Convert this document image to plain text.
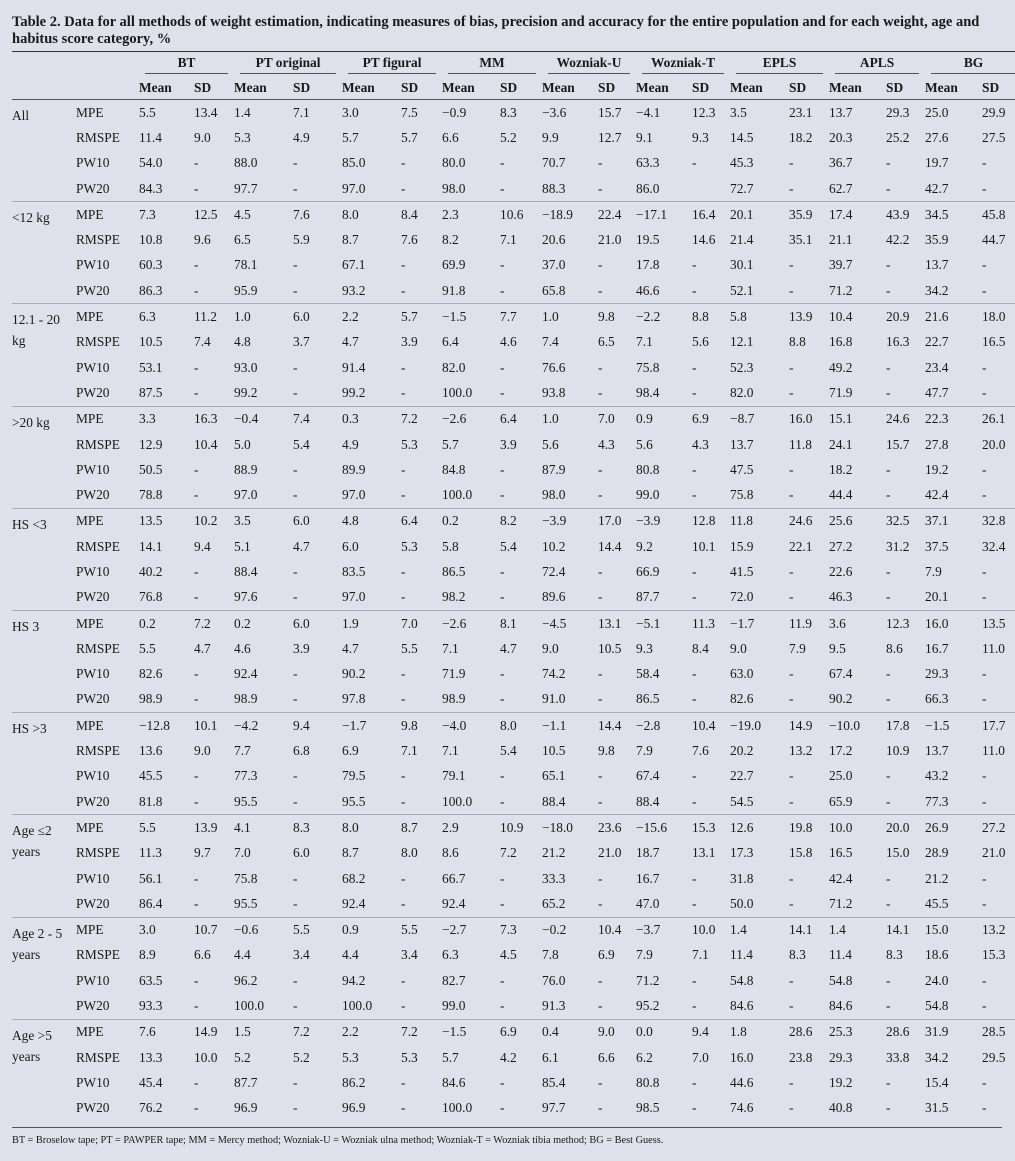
Table 2. Data for all methods of weight estimation, indicating measures of bias, precision and accuracy for the entire population and for each weight, age and habitus score category, %

		BT		PT original		PT figural		MM		Wozniak-U		Wozniak-T		EPLS		APLS		BG	

		Mean	SD	Mean	SD	Mean	SD	Mean	SD	Mean	SD	Mean	SD	Mean	SD	Mean	SD	Mean	SD
All	MPE	5.5	13.4	1.4	7.1	3.0	7.5	−0.9	8.3	−3.6	15.7	−4.1	12.3	3.5	23.1	13.7	29.3	25.0	29.9
	RMSPE	11.4	9.0	5.3	4.9	5.7	5.7	6.6	5.2	9.9	12.7	9.1	9.3	14.5	18.2	20.3	25.2	27.6	27.5
	PW10	54.0	-	88.0	-	85.0	-	80.0	-	70.7	-	63.3	-	45.3	-	36.7	-	19.7	-
	PW20	84.3	-	97.7	-	97.0	-	98.0	-	88.3	-	86.0		72.7	-	62.7	-	42.7	-
<12 kg	MPE	7.3	12.5	4.5	7.6	8.0	8.4	2.3	10.6	−18.9	22.4	−17.1	16.4	20.1	35.9	17.4	43.9	34.5	45.8
	RMSPE	10.8	9.6	6.5	5.9	8.7	7.6	8.2	7.1	20.6	21.0	19.5	14.6	21.4	35.1	21.1	42.2	35.9	44.7
	PW10	60.3	-	78.1	-	67.1	-	69.9	-	37.0	-	17.8	-	30.1	-	39.7	-	13.7	-
	PW20	86.3	-	95.9	-	93.2	-	91.8	-	65.8	-	46.6	-	52.1	-	71.2	-	34.2	-
12.1 - 20 kg	MPE	6.3	11.2	1.0	6.0	2.2	5.7	−1.5	7.7	1.0	9.8	−2.2	8.8	5.8	13.9	10.4	20.9	21.6	18.0
	RMSPE	10.5	7.4	4.8	3.7	4.7	3.9	6.4	4.6	7.4	6.5	7.1	5.6	12.1	8.8	16.8	16.3	22.7	16.5
	PW10	53.1	-	93.0	-	91.4	-	82.0	-	76.6	-	75.8	-	52.3	-	49.2	-	23.4	-
	PW20	87.5	-	99.2	-	99.2	-	100.0	-	93.8	-	98.4	-	82.0	-	71.9	-	47.7	-
>20 kg	MPE	3.3	16.3	−0.4	7.4	0.3	7.2	−2.6	6.4	1.0	7.0	0.9	6.9	−8.7	16.0	15.1	24.6	22.3	26.1
	RMSPE	12.9	10.4	5.0	5.4	4.9	5.3	5.7	3.9	5.6	4.3	5.6	4.3	13.7	11.8	24.1	15.7	27.8	20.0
	PW10	50.5	-	88.9	-	89.9	-	84.8	-	87.9	-	80.8	-	47.5	-	18.2	-	19.2	-
	PW20	78.8	-	97.0	-	97.0	-	100.0	-	98.0	-	99.0	-	75.8	-	44.4	-	42.4	-
HS <3	MPE	13.5	10.2	3.5	6.0	4.8	6.4	0.2	8.2	−3.9	17.0	−3.9	12.8	11.8	24.6	25.6	32.5	37.1	32.8
	RMSPE	14.1	9.4	5.1	4.7	6.0	5.3	5.8	5.4	10.2	14.4	9.2	10.1	15.9	22.1	27.2	31.2	37.5	32.4
	PW10	40.2	-	88.4	-	83.5	-	86.5	-	72.4	-	66.9	-	41.5	-	22.6	-	7.9	-
	PW20	76.8	-	97.6	-	97.0	-	98.2	-	89.6	-	87.7	-	72.0	-	46.3	-	20.1	-
HS 3	MPE	0.2	7.2	0.2	6.0	1.9	7.0	−2.6	8.1	−4.5	13.1	−5.1	11.3	−1.7	11.9	3.6	12.3	16.0	13.5
	RMSPE	5.5	4.7	4.6	3.9	4.7	5.5	7.1	4.7	9.0	10.5	9.3	8.4	9.0	7.9	9.5	8.6	16.7	11.0
	PW10	82.6	-	92.4	-	90.2	-	71.9	-	74.2	-	58.4	-	63.0	-	67.4	-	29.3	-
	PW20	98.9	-	98.9	-	97.8	-	98.9	-	91.0	-	86.5	-	82.6	-	90.2	-	66.3	-
HS >3	MPE	−12.8	10.1	−4.2	9.4	−1.7	9.8	−4.0	8.0	−1.1	14.4	−2.8	10.4	−19.0	14.9	−10.0	17.8	−1.5	17.7
	RMSPE	13.6	9.0	7.7	6.8	6.9	7.1	7.1	5.4	10.5	9.8	7.9	7.6	20.2	13.2	17.2	10.9	13.7	11.0
	PW10	45.5	-	77.3	-	79.5	-	79.1	-	65.1	-	67.4	-	22.7	-	25.0	-	43.2	-
	PW20	81.8	-	95.5	-	95.5	-	100.0	-	88.4	-	88.4	-	54.5	-	65.9	-	77.3	-
Age ≤2 years	MPE	5.5	13.9	4.1	8.3	8.0	8.7	2.9	10.9	−18.0	23.6	−15.6	15.3	12.6	19.8	10.0	20.0	26.9	27.2
	RMSPE	11.3	9.7	7.0	6.0	8.7	8.0	8.6	7.2	21.2	21.0	18.7	13.1	17.3	15.8	16.5	15.0	28.9	21.0
	PW10	56.1	-	75.8	-	68.2	-	66.7	-	33.3	-	16.7	-	31.8	-	42.4	-	21.2	-
	PW20	86.4	-	95.5	-	92.4	-	92.4	-	65.2	-	47.0	-	50.0	-	71.2	-	45.5	-
Age 2 - 5 years	MPE	3.0	10.7	−0.6	5.5	0.9	5.5	−2.7	7.3	−0.2	10.4	−3.7	10.0	1.4	14.1	1.4	14.1	15.0	13.2
	RMSPE	8.9	6.6	4.4	3.4	4.4	3.4	6.3	4.5	7.8	6.9	7.9	7.1	11.4	8.3	11.4	8.3	18.6	15.3
	PW10	63.5	-	96.2	-	94.2	-	82.7	-	76.0	-	71.2	-	54.8	-	54.8	-	24.0	-
	PW20	93.3	-	100.0	-	100.0	-	99.0	-	91.3	-	95.2	-	84.6	-	84.6	-	54.8	-
Age >5 years	MPE	7.6	14.9	1.5	7.2	2.2	7.2	−1.5	6.9	0.4	9.0	0.0	9.4	1.8	28.6	25.3	28.6	31.9	28.5
	RMSPE	13.3	10.0	5.2	5.2	5.3	5.3	5.7	4.2	6.1	6.6	6.2	7.0	16.0	23.8	29.3	33.8	34.2	29.5
	PW10	45.4	-	87.7	-	86.2	-	84.6	-	85.4	-	80.8	-	44.6	-	19.2	-	15.4	-
	PW20	76.2	-	96.9	-	96.9	-	100.0	-	97.7	-	98.5	-	74.6	-	40.8	-	31.5	-
BT = Broselow tape; PT = PAWPER tape; MM = Mercy method; Wozniak-U = Wozniak ulna method; Wozniak-T = Wozniak tibia method; BG = Best Guess.
